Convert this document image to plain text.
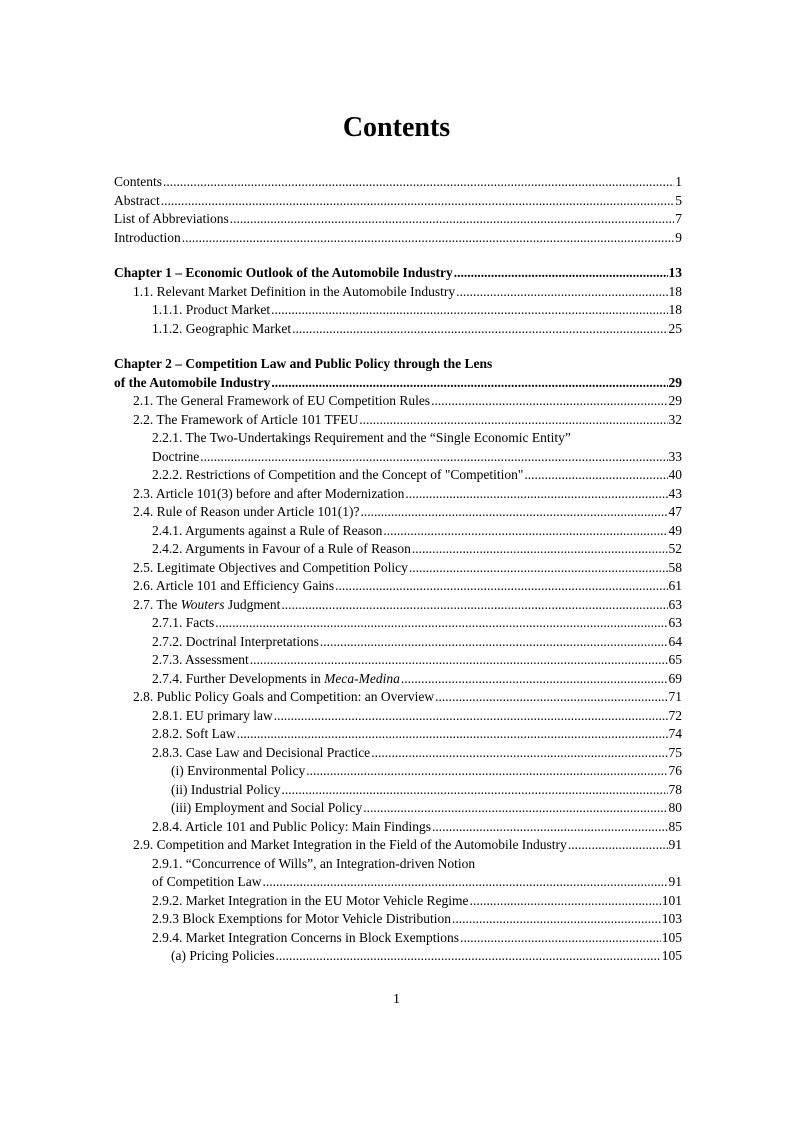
Contents
Contents .....	1
Abstract .....	5
List of Abbreviations .....	7
Introduction .....	9
Chapter 1 – Economic Outlook of the Automobile Industry .....	13
1.1. Relevant Market Definition in the Automobile Industry .....	18
1.1.1. Product Market .....	18
1.1.2. Geographic Market .....	25
Chapter 2 – Competition Law and Public Policy through the Lens
of the Automobile Industry .....	29
2.1. The General Framework of EU Competition Rules .....	29
2.2. The Framework of Article 101 TFEU .....	32
2.2.1. The Two-Undertakings Requirement and the “Single Economic Entity”
Doctrine .....	33
2.2.2. Restrictions of Competition and the Concept of "Competition" .....	40
2.3. Article 101(3) before and after Modernization .....	43
2.4. Rule of Reason under Article 101(1)? .....	47
2.4.1. Arguments against a Rule of Reason .....	49
2.4.2. Arguments in Favour of a Rule of Reason .....	52
2.5. Legitimate Objectives and Competition Policy .....	58
2.6. Article 101 and Efficiency Gains .....	61
2.7. The Wouters Judgment .....	63
2.7.1. Facts .....	63
2.7.2. Doctrinal Interpretations .....	64
2.7.3. Assessment .....	65
2.7.4. Further Developments in Meca-Medina .....	69
2.8. Public Policy Goals and Competition: an Overview .....	71
2.8.1. EU primary law .....	72
2.8.2. Soft Law .....	74
2.8.3. Case Law and Decisional Practice .....	75
(i) Environmental Policy .....	76
(ii) Industrial Policy .....	78
(iii) Employment and Social Policy .....	80
2.8.4. Article 101 and Public Policy: Main Findings .....	85
2.9. Competition and Market Integration in the Field of the Automobile Industry .....	91
2.9.1. “Concurrence of Wills”, an Integration-driven Notion
of Competition Law .....	91
2.9.2. Market Integration in the EU Motor Vehicle Regime .....	101
2.9.3 Block Exemptions for Motor Vehicle Distribution .....	103
2.9.4. Market Integration Concerns in Block Exemptions .....	105
(a) Pricing Policies .....	105
1
